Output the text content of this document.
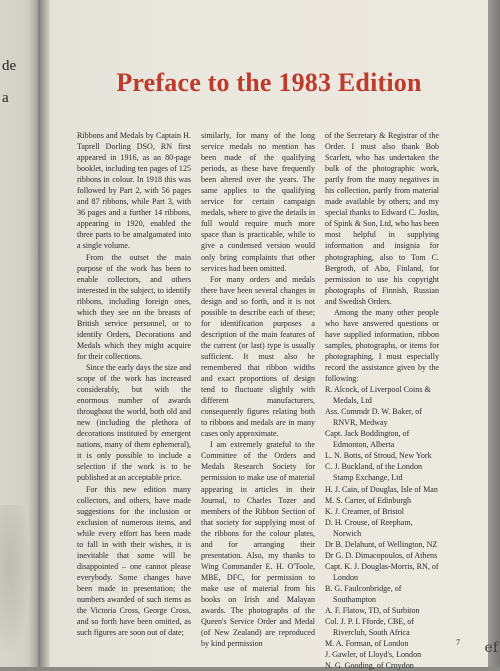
de
a
Preface to the 1983 Edition

Ribbons and Medals by Captain H. Taprell Dorling DSO, RN first appeared in 1916, as an 80-page booklet, including ten pages of 125 ribbons in colour. In 1918 this was followed by Part 2, with 56 pages and 87 ribbons, while Part 3, with 36 pages and a further 14 ribbons, appearing in 1920, enabled the three parts to be amalgamated into a single volume.

From the outset the main purpose of the work has been to enable collectors, and others interested in the subject, to identify ribbons, including foreign ones, which they see on the breasts of British service personnel, or to identify Orders, Decorations and Medals which they might acquire for their collections.

Since the early days the size and scope of the work has increased considerably, but with the enormous number of awards throughout the world, both old and new (including the plethora of decorations instituted by emergent nations, many of them ephemeral), it is only possible to include a selection if the work is to be published at an acceptable price.

For this new edition many collectors, and others, have made suggestions for the inclusion or exclusion of numerous items, and while every effort has been made to fall in with their wishes, it is inevitable that some will be disappointed – one cannot please everybody. Some changes have been made in presentation; the numbers awarded of such items as the Victoria Cross, George Cross, and so forth have been omitted, as such figures are soon out of date;

similarly, for many of the long service medals no mention has been made of the qualifying periods, as these have frequently been altered over the years. The same applies to the qualifying service for certain campaign medals, where to give the details in full would require much more space than is practicable, while to give a condensed version would only bring complaints that other services had been omitted.

For many orders and medals there have been several changes in design and so forth, and it is not possible to describe each of these; for identification purposes a description of the main features of the current (or last) type is usually sufficient. It must also be remembered that ribbon widths and exact proportions of design tend to fluctuate slightly with different manufacturers, consequently figures relating both to ribbons and medals are in many cases only approximate.

I am extremely grateful to the Committee of the Orders and Medals Research Society for permission to make use of material appearing in articles in their Journal, to Charles Tozer and members of the Ribbon Section of that society for supplying most of the ribbons for the colour plates, and for arranging their presentation. Also, my thanks to Wing Commander E. H. O'Toole, MBE, DFC, for permission to make use of material from his books on Irish and Malayan awards. The photographs of the Queen's Service Order and Medal (of New Zealand) are reproduced by kind permission

of the Secretary & Registrar of the Order. I must also thank Bob Scarlett, who has undertaken the bulk of the photographic work, partly from the many negatives in his collection, partly from material made available by others; and my special thanks to Edward C. Joslin, of Spink & Son, Ltd, who has been most helpful in supplying information and insignia for photographing, also to Tom C. Bergroth, of Abo, Finland, for permission to use his copyright photographs of Finnish, Russian and Swedish Orders.

Among the many other people who have answered questions or have supplied information, ribbon samples, photographs, or items for photographing, I must especially record the assistance given by the following:

R. Alcock, of Liverpool Coins & Medals, Ltd
Ass. Commdr D. W. Baker, of RNVR, Medway
Capt. Jack Boddington, of Edmonton, Alberta
L. N. Botts, of Stroud, New York
C. J. Buckland, of the London Stamp Exchange, Ltd
H. J. Cain, of Douglas, Isle of Man
M. S. Carter, of Edinburgh
K. J. Creamer, of Bristol
D. H. Crouse, of Reepham, Norwich
Dr B. Delahunt, of Wellington, NZ
Dr G. D. Dimacopoulos, of Athens
Capt. K. J. Douglas-Morris, RN, of London
B. G. Faulconbridge, of Southampton
A. F. Flatow, TD, of Surbiton
Col. J. P. I. Fforde, CBE, of Rivercluh, South Africa
M. A. Forman, of London
J. Gawler, of Lloyd's, London
N. G. Gooding, of Croydon
7 ef
